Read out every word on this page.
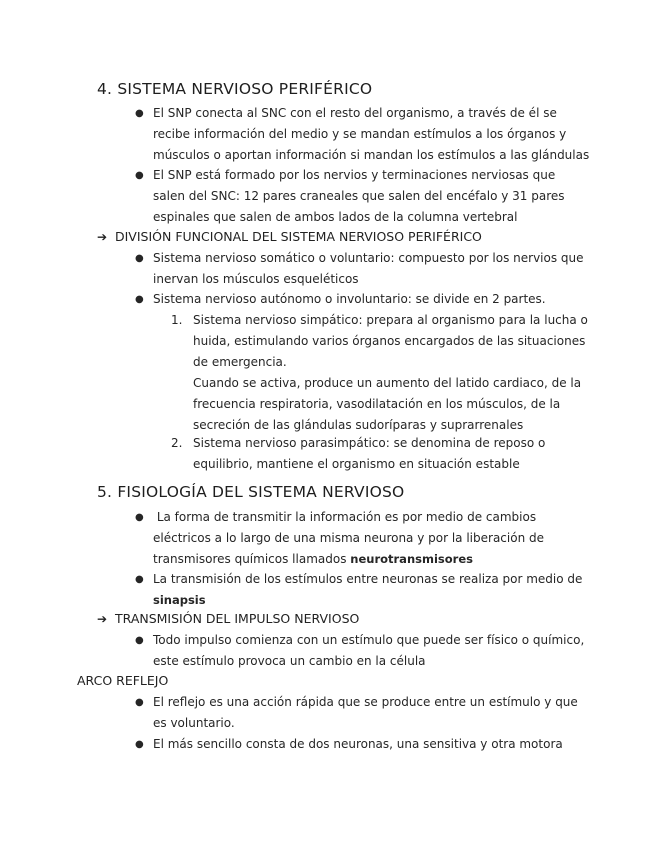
4. SISTEMA NERVIOSO PERIFÉRICO
● El SNP conecta al SNC con el resto del organismo, a través de él se
recibe información del medio y se mandan estímulos a los órganos y
músculos o aportan información si mandan los estímulos a las glándulas
● El SNP está formado por los nervios y terminaciones nerviosas que
salen del SNC: 12 pares craneales que salen del encéfalo y 31 pares
espinales que salen de ambos lados de la columna vertebral
➔ DIVISIÓN FUNCIONAL DEL SISTEMA NERVIOSO PERIFÉRICO
● Sistema nervioso somático o voluntario: compuesto por los nervios que
inervan los músculos esqueléticos
● Sistema nervioso autónomo o involuntario: se divide en 2 partes.
1. Sistema nervioso simpático: prepara al organismo para la lucha o
huida, estimulando varios órganos encargados de las situaciones
de emergencia.
Cuando se activa, produce un aumento del latido cardiaco, de la
frecuencia respiratoria, vasodilatación en los músculos, de la
secreción de las glándulas sudoríparas y suprarrenales
2. Sistema nervioso parasimpático: se denomina de reposo o
equilibrio, mantiene el organismo en situación estable
5. FISIOLOGÍA DEL SISTEMA NERVIOSO
● La forma de transmitir la información es por medio de cambios
eléctricos a lo largo de una misma neurona y por la liberación de
transmisores químicos llamados neurotransmisores
● La transmisión de los estímulos entre neuronas se realiza por medio de
sinapsis
➔ TRANSMISIÓN DEL IMPULSO NERVIOSO
● Todo impulso comienza con un estímulo que puede ser físico o químico,
este estímulo provoca un cambio en la célula
ARCO REFLEJO
● El reflejo es una acción rápida que se produce entre un estímulo y que
es voluntario.
● El más sencillo consta de dos neuronas, una sensitiva y otra motora
